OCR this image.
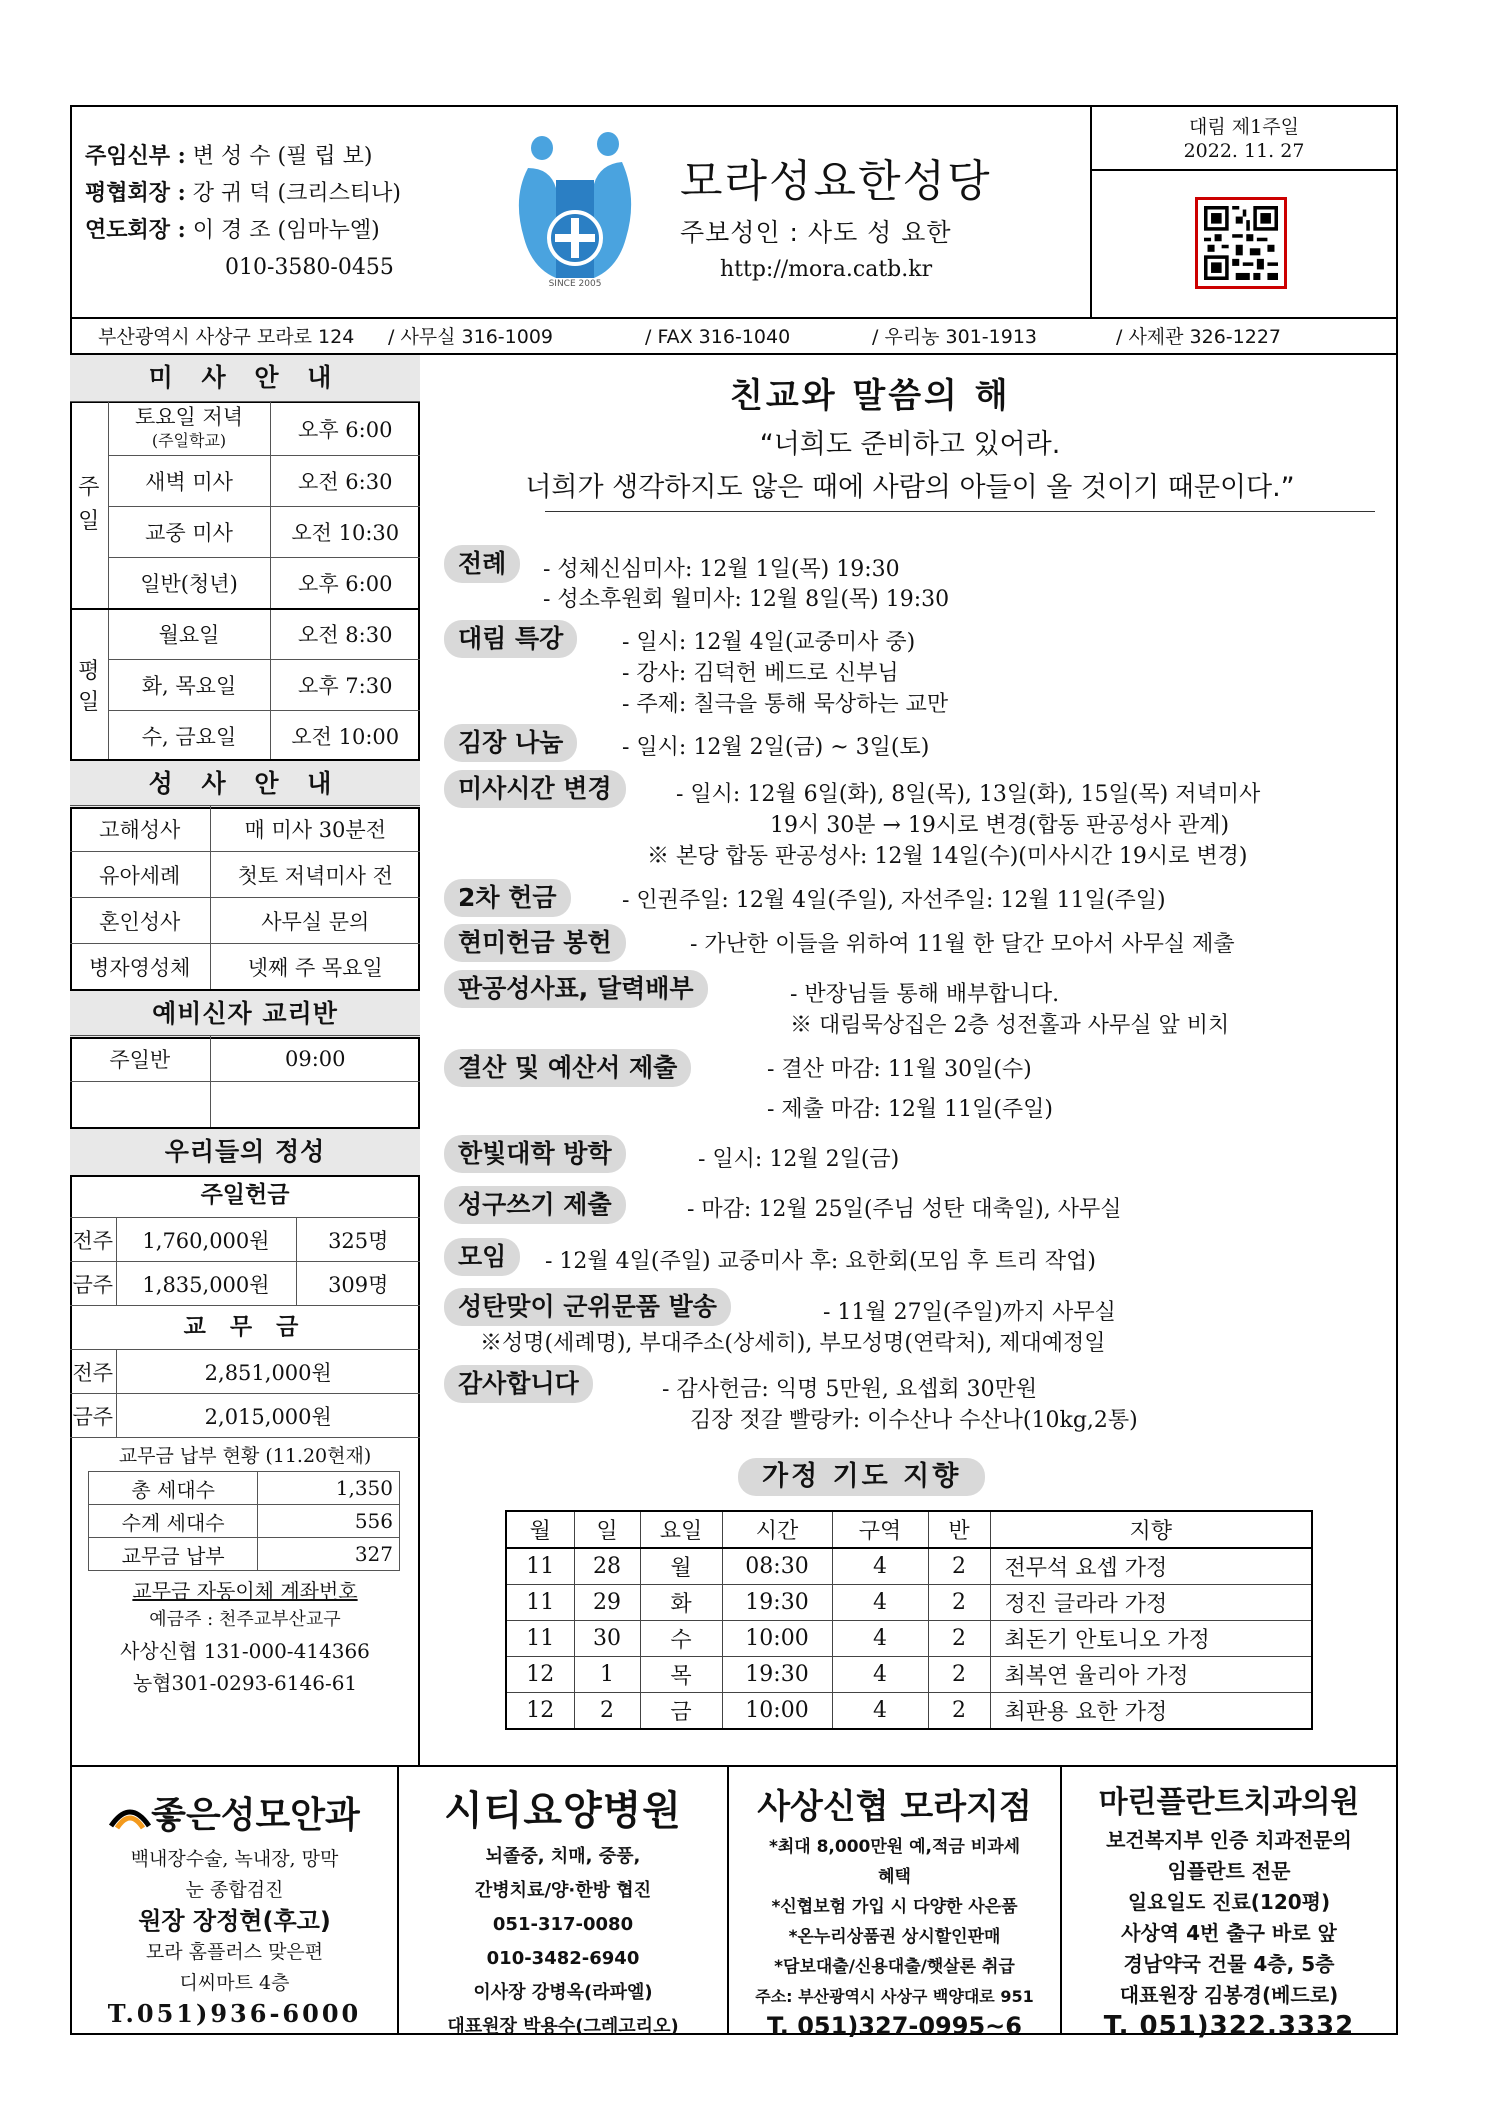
주임신부 : 변 성 수 (필 립 보)
평협회장 : 강 귀 덕 (크리스티나)
연도회장 : 이 경 조 (임마누엘)
010-3580-0455
SINCE 2005
모라성요한성당
주보성인 : 사도 성 요한
http://mora.catb.kr
대림 제1주일
2022. 11. 27
부산광역시 사상구 모라로 124 / 사무실 316-1009	/ FAX 316-1040	/ 우리농 301-1913	/ 사제관 326-1227
미 사 안 내
주일	토요일 저녁
(주일학교)	오후 6:00
	새벽 미사	오전 6:30
	교중 미사	오전 10:30
	일반(청년)	오후 6:00
평일	월요일	오전 8:30
	화, 목요일	오후 7:30
	수, 금요일	오전 10:00
성 사 안 내
고해성사	매 미사 30분전
유아세례	첫토 저녁미사 전
혼인성사	사무실 문의
병자영성체	넷째 주 목요일
예비신자 교리반
주일반	09:00

우리들의 정성
주일헌금
전주	1,760,000원	325명
금주	1,835,000원	309명
교 무 금
전주	2,851,000원
금주	2,015,000원
교무금 납부 현황 (11.20현재)
총 세대수	1,350
수계 세대수	556
교무금 납부	327
교무금 자동이체 계좌번호
예금주 : 천주교부산교구
사상신협 131-000-414366
농협301-0293-6146-61
친교와 말씀의 해
“너희도 준비하고 있어라.
너희가 생각하지도 않은 때에 사람의 아들이 올 것이기 때문이다.”
전례	- 성체신심미사: 12월 1일(목) 19:30
- 성소후원회 월미사: 12월 8일(목) 19:30
대림 특강	- 일시: 12월 4일(교중미사 중)
- 강사: 김덕헌 베드로 신부님
- 주제: 칠극을 통해 묵상하는 교만
김장 나눔	- 일시: 12월 2일(금) ~ 3일(토)
미사시간 변경	- 일시: 12월 6일(화), 8일(목), 13일(화), 15일(목) 저녁미사
19시 30분 → 19시로 변경(합동 판공성사 관계)
※ 본당 합동 판공성사: 12월 14일(수)(미사시간 19시로 변경)
2차 헌금	- 인권주일: 12월 4일(주일), 자선주일: 12월 11일(주일)
현미헌금 봉헌	- 가난한 이들을 위하여 11월 한 달간 모아서 사무실 제출
판공성사표, 달력배부	- 반장님들 통해 배부합니다.
※ 대림묵상집은 2층 성전홀과 사무실 앞 비치
결산 및 예산서 제출	- 결산 마감: 11월 30일(수)
- 제출 마감: 12월 11일(주일)
한빛대학 방학	- 일시: 12월 2일(금)
성구쓰기 제출	- 마감: 12월 25일(주님 성탄 대축일), 사무실
모임	- 12월 4일(주일) 교중미사 후: 요한회(모임 후 트리 작업)
성탄맞이 군위문품 발송	- 11월 27일(주일)까지 사무실
※성명(세례명), 부대주소(상세히), 부모성명(연락처), 제대예정일
감사합니다	- 감사헌금: 익명 5만원, 요셉회 30만원
김장 젓갈 빨랑카: 이수산나 수산나(10kg,2통)
가정 기도 지향
월	일	요일	시간	구역	반	지향
11	28	월	08:30	4	2	전무석 요셉 가정
11	29	화	19:30	4	2	정진 글라라 가정
11	30	수	10:00	4	2	최돈기 안토니오 가정
12	1	목	19:30	4	2	최복연 율리아 가정
12	2	금	10:00	4	2	최판용 요한 가정
좋은성모안과
백내장수술, 녹내장, 망막
눈 종합검진
원장 장정현(후고)
모라 홈플러스 맞은편
디씨마트 4층
T.051)936-6000
시티요양병원
뇌졸중, 치매, 중풍,
간병치료/양·한방 협진
051-317-0080
010-3482-6940
이사장 강병옥(라파엘)
대표원장 박용수(그레고리오)
사상신협 모라지점
*최대 8,000만원 예,적금 비과세
혜택
*신협보험 가입 시 다양한 사은품
*온누리상품권 상시할인판매
*담보대출/신용대출/햇살론 취급
주소: 부산광역시 사상구 백양대로 951
T. 051)327-0995~6
마린플란트치과의원
보건복지부 인증 치과전문의
임플란트 전문
일요일도 진료(120평)
사상역 4번 출구 바로 앞
경남약국 건물 4층, 5층
대표원장 김봉경(베드로)
T. 051)322.3332
